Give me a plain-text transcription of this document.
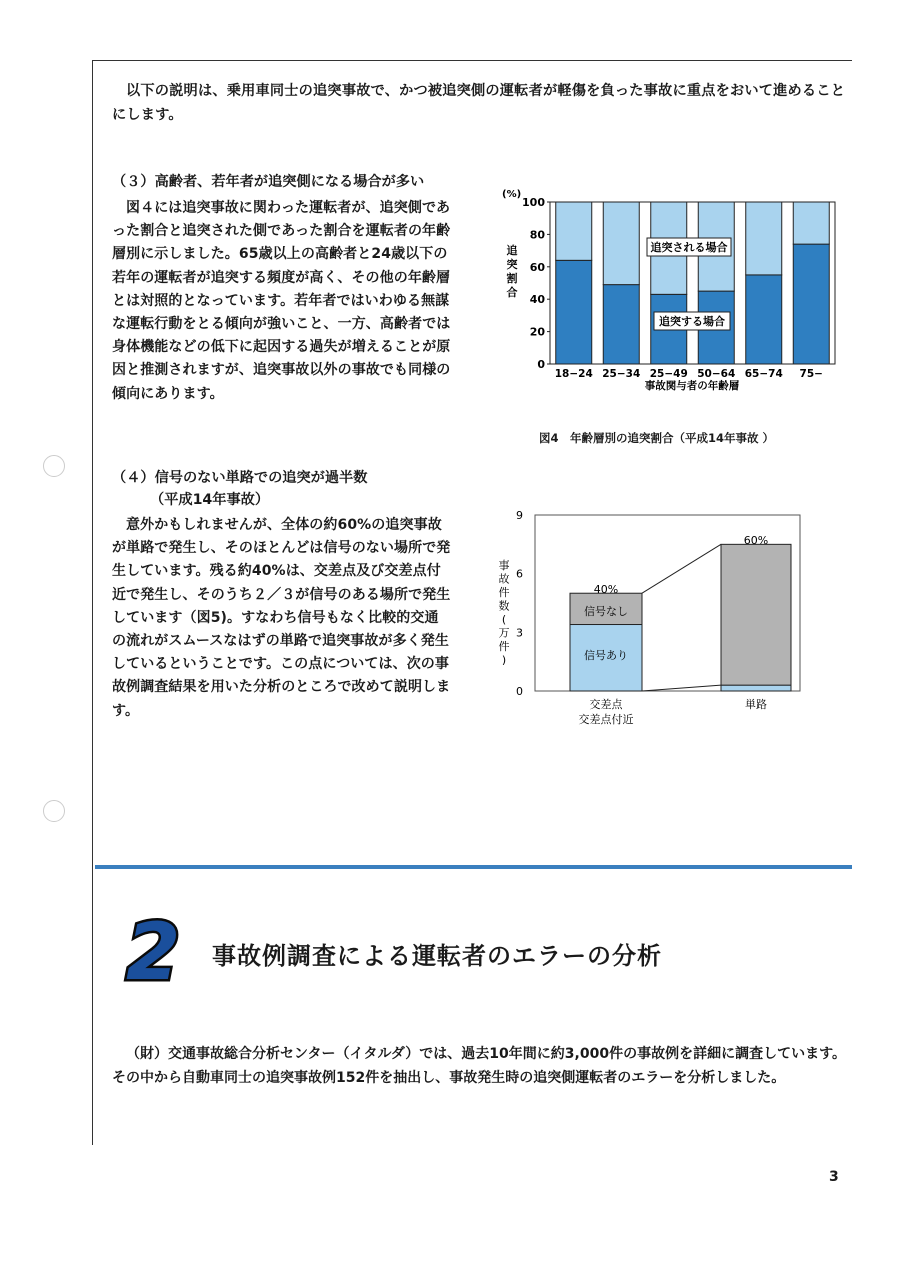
以下の説明は、乗用車同士の追突事故で、かつ被追突側の運転者が軽傷を負った事故に重点をおいて進めることにします。
（３）高齢者、若年者が追突側になる場合が多い
図４には追突事故に関わった運転者が、追突側であった割合と追突された側であった割合を運転者の年齢層別に示しました。65歳以上の高齢者と24歳以下の若年の運転者が追突する頻度が高く、その他の年齢層とは対照的となっています。若年者ではいわゆる無謀な運転行動をとる傾向が強いこと、一方、高齢者では身体機能などの低下に起因する過失が増えることが原因と推測されますが、追突事故以外の事故でも同様の傾向にあります。
(%)
追
突
割
合
0
20
40
60
80
100
18−24 25−34 25−49 50−64 65−74 75−
追突される場合
追突する場合
事故関与者の年齢層
図4　年齢層別の追突割合（平成14年事故 ）
（４）信号のない単路での追突が過半数
（平成14年事故）
意外かもしれませんが、全体の約60%の追突事故が単路で発生し、そのほとんどは信号のない場所で発生しています。残る約40%は、交差点及び交差点付近で発生し、そのうち２／３が信号のある場所で発生しています（図5)。すなわち信号もなく比較的交通の流れがスムースなはずの単路で追突事故が多く発生しているということです。この点については、次の事故例調査結果を用いた分析のところで改めて説明します。
事
故
件
数
(
万
件
)
0
3
6
9
40%
60%
信号なし
信号あり
交差点
交差点付近
単路
2 事故例調査による運転者のエラーの分析
（財）交通事故総合分析センター（イタルダ）では、過去10年間に約3,000件の事故例を詳細に調査しています。その中から自動車同士の追突事故例152件を抽出し、事故発生時の追突側運転者のエラーを分析しました。
3
